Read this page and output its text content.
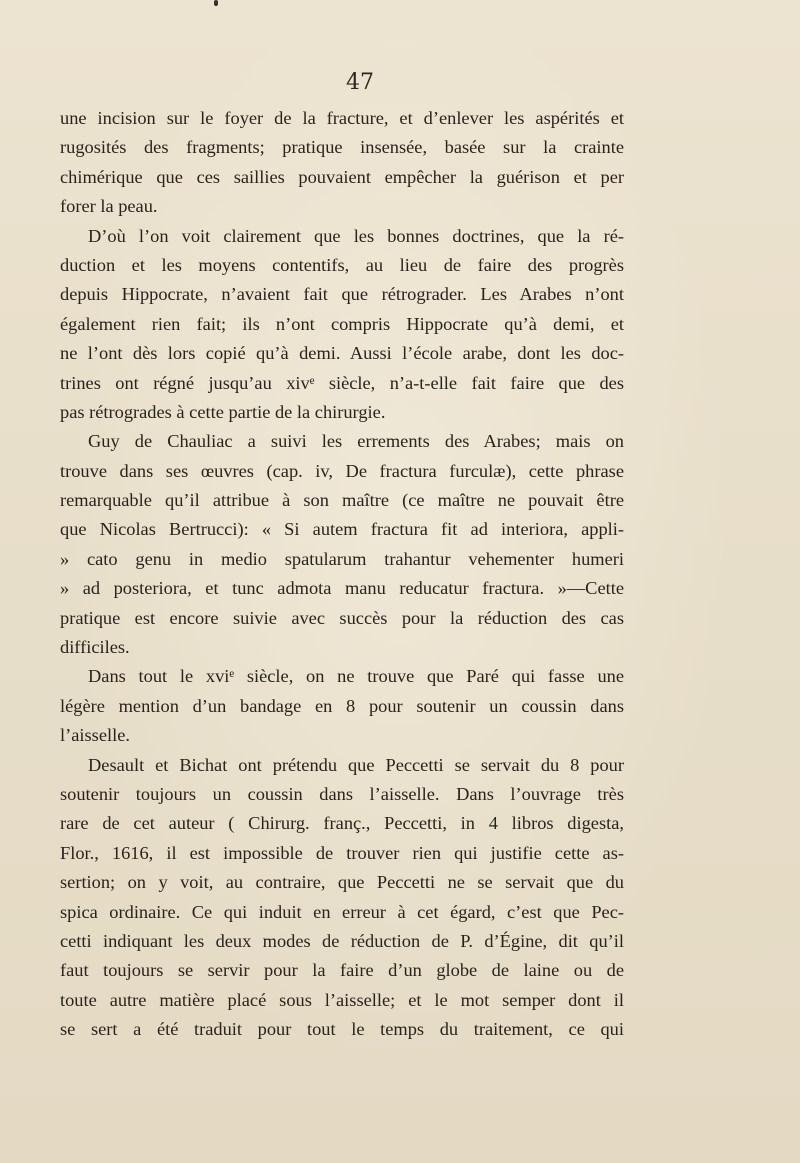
47
une incision sur le foyer de la fracture, et d’enlever les aspérités et
rugosités des fragments; pratique insensée, basée sur la crainte
chimérique que ces saillies pouvaient empêcher la guérison et per
forer la peau.
D’où l’on voit clairement que les bonnes doctrines, que la ré-
duction et les moyens contentifs, au lieu de faire des progrès
depuis Hippocrate, n’avaient fait que rétrograder. Les Arabes n’ont
également rien fait; ils n’ont compris Hippocrate qu’à demi, et
ne l’ont dès lors copié qu’à demi. Aussi l’école arabe, dont les doc-
trines ont régné jusqu’au xivᵉ siècle, n’a-t-elle fait faire que des
pas rétrogrades à cette partie de la chirurgie.
Guy de Chauliac a suivi les errements des Arabes; mais on
trouve dans ses œuvres (cap. iv, De fractura furculæ), cette phrase
remarquable qu’il attribue à son maître (ce maître ne pouvait être
que Nicolas Bertrucci): « Si autem fractura fit ad interiora, appli-
» cato genu in medio spatularum trahantur vehementer humeri
» ad posteriora, et tunc admota manu reducatur fractura. »—Cette
pratique est encore suivie avec succès pour la réduction des cas
difficiles.
Dans tout le xviᵉ siècle, on ne trouve que Paré qui fasse une
légère mention d’un bandage en 8 pour soutenir un coussin dans
l’aisselle.
Desault et Bichat ont prétendu que Peccetti se servait du 8 pour
soutenir toujours un coussin dans l’aisselle. Dans l’ouvrage très
rare de cet auteur ( Chirurg. franç., Peccetti, in 4 libros digesta,
Flor., 1616, il est impossible de trouver rien qui justifie cette as-
sertion; on y voit, au contraire, que Peccetti ne se servait que du
spica ordinaire. Ce qui induit en erreur à cet égard, c’est que Pec-
cetti indiquant les deux modes de réduction de P. d’Égine, dit qu’il
faut toujours se servir pour la faire d’un globe de laine ou de
toute autre matière placé sous l’aisselle; et le mot semper dont il
se sert a été traduit pour tout le temps du traitement, ce qui
